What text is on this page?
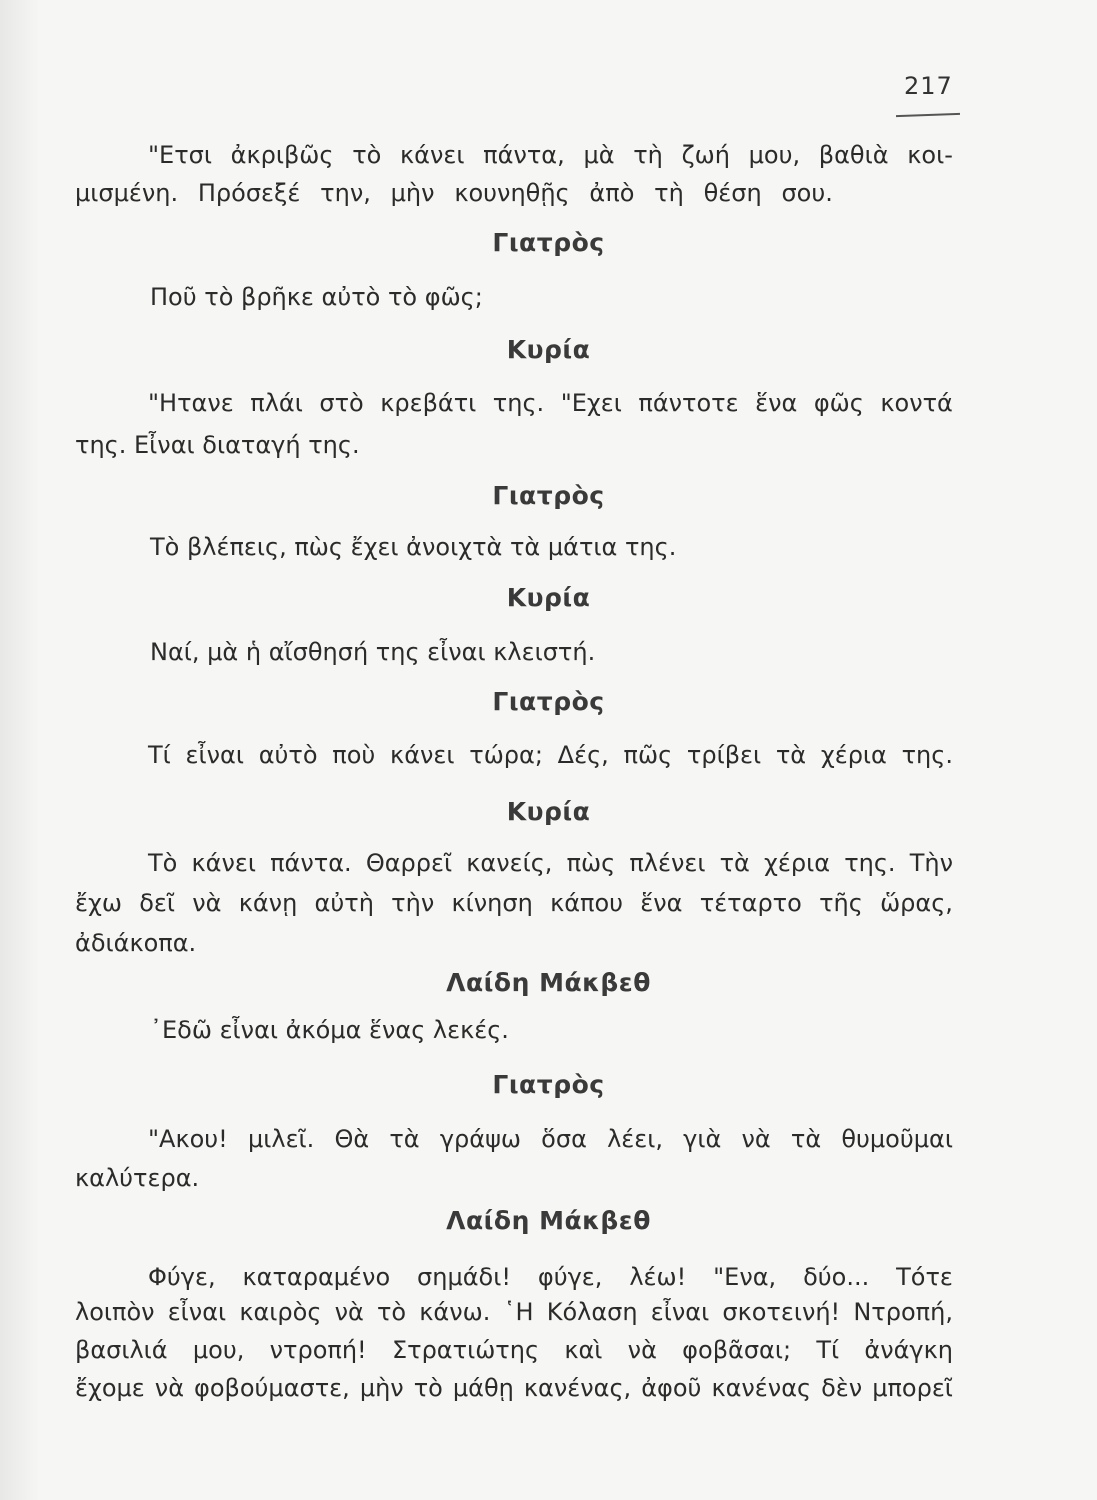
217
"Ετσι ἀκριβῶς τὸ κάνει πάντα, μὰ τὴ ζωή μου, βαθιὰ κοι-
μισμένη. Πρόσεξέ την, μὴν κουνηθῇς ἀπὸ τὴ θέση σου.
Γιατρὸς
Ποῦ τὸ βρῆκε αὐτὸ τὸ φῶς;
Κυρία
"Ητανε πλάι στὸ κρεβάτι της. "Εχει πάντοτε ἕνα φῶς κοντά
της. Εἶναι διαταγή της.
Γιατρὸς
Τὸ βλέπεις, πὼς ἔχει ἀνοιχτὰ τὰ μάτια της.
Κυρία
Ναί, μὰ ἡ αἴσθησή της εἶναι κλειστή.
Γιατρὸς
Τί εἶναι αὐτὸ ποὺ κάνει τώρα; Δές, πῶς τρίβει τὰ χέρια της.
Κυρία
Τὸ κάνει πάντα. Θαρρεῖ κανείς, πὼς πλένει τὰ χέρια της. Τὴν
ἔχω δεῖ νὰ κάνῃ αὐτὴ τὴν κίνηση κάπου ἕνα τέταρτο τῆς ὥρας,
ἀδιάκοπα.
Λαίδη Μάκβεθ
᾿Εδῶ εἶναι ἀκόμα ἕνας λεκές.
Γιατρὸς
"Ακου! μιλεῖ. Θὰ τὰ γράψω ὅσα λέει, γιὰ νὰ τὰ θυμοῦμαι
καλύτερα.
Λαίδη Μάκβεθ
Φύγε, καταραμένο σημάδι! φύγε, λέω! "Ενα, δύο... Τότε
λοιπὸν εἶναι καιρὸς νὰ τὸ κάνω. ῾Η Κόλαση εἶναι σκοτεινή! Ντροπή,
βασιλιά μου, ντροπή! Στρατιώτης καὶ νὰ φοβᾶσαι; Τί ἀνάγκη
ἔχομε νὰ φοβούμαστε, μὴν τὸ μάθῃ κανένας, ἀφοῦ κανένας δὲν μπορεῖ
